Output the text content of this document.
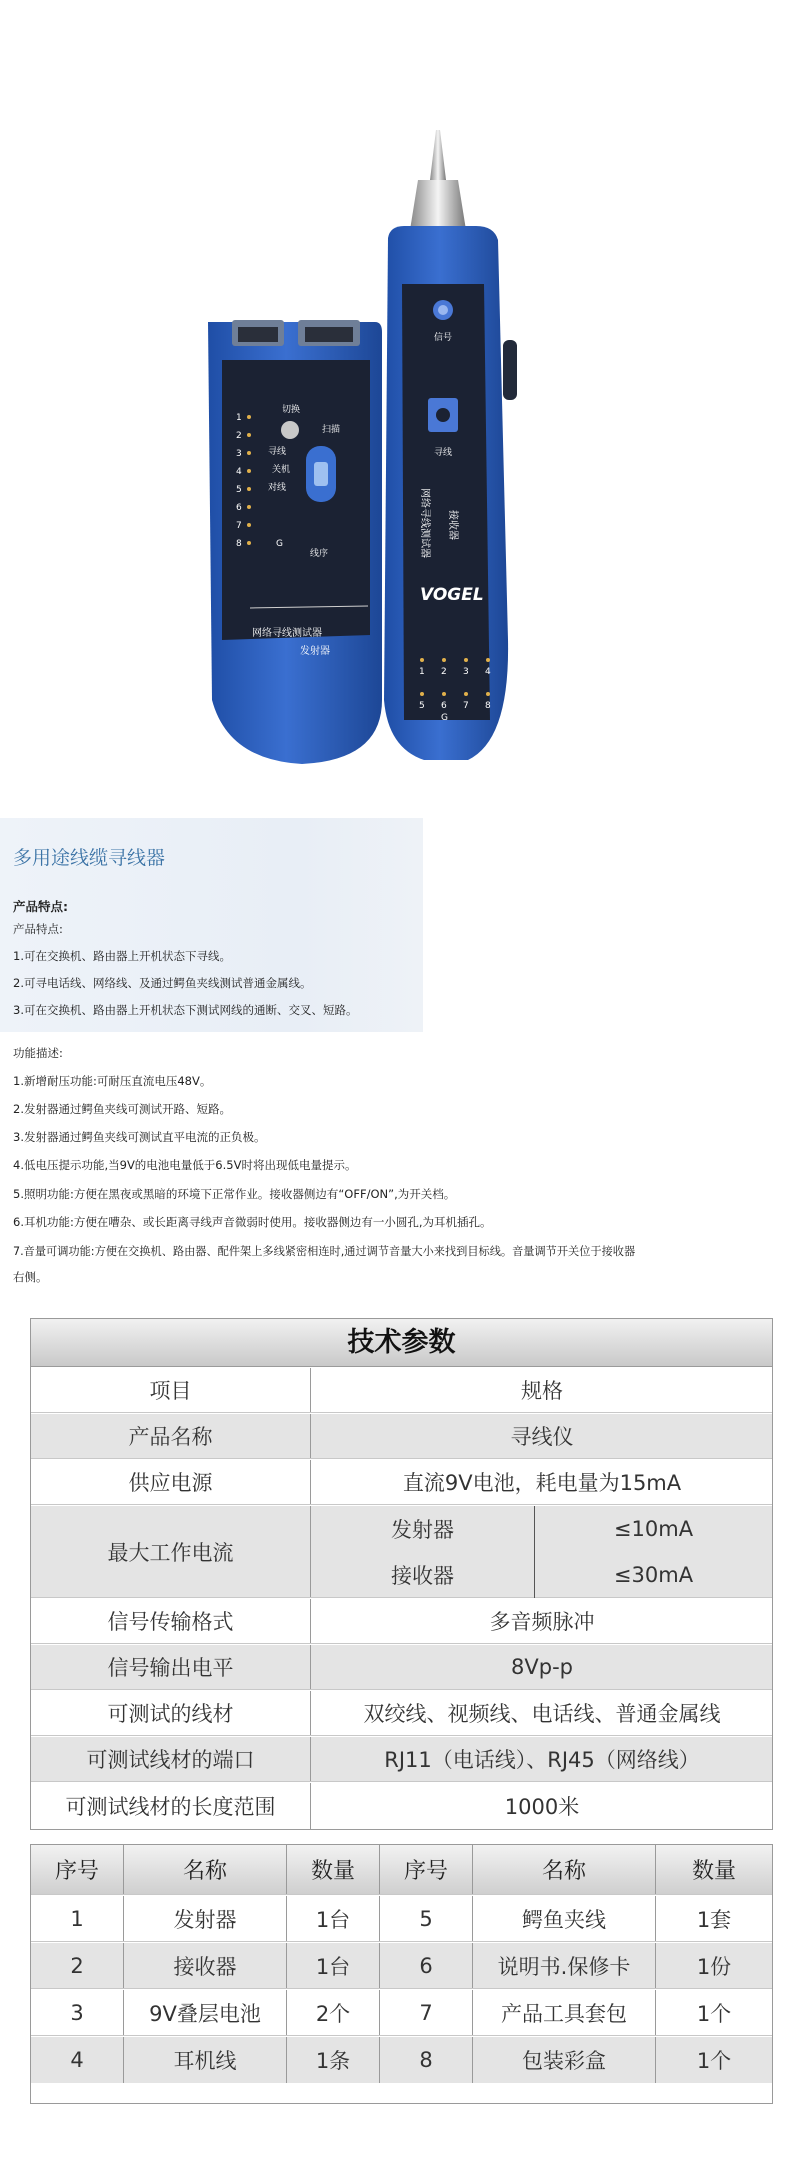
1
2
3
4
5
6
7
8	G
切换
扫描
寻线
关机
对线
线序
网络寻线测试器
发射器
信号
寻线
VOGEL
1 2 3 4
5 6 7 8
G
网络寻线测试器 接收器
多用途线缆寻线器
产品特点:
产品特点:
1.可在交换机、路由器上开机状态下寻线。
2.可寻电话线、网络线、及通过鳄鱼夹线测试普通金属线。
3.可在交换机、路由器上开机状态下测试网线的通断、交叉、短路。
功能描述:
1.新增耐压功能:可耐压直流电压48V。
2.发射器通过鳄鱼夹线可测试开路、短路。
3.发射器通过鳄鱼夹线可测试直平电流的正负极。
4.低电压提示功能,当9V的电池电量低于6.5V时将出现低电量提示。
5.照明功能:方便在黑夜或黑暗的环境下正常作业。接收器侧边有“OFF/ON”,为开关档。
6.耳机功能:方便在嘈杂、或长距离寻线声音微弱时使用。接收器侧边有一小圆孔,为耳机插孔。
7.音量可调功能:方便在交换机、路由器、配件架上多线紧密相连时,通过调节音量大小来找到目标线。音量调节开关位于接收器
右侧。
技术参数
项目	规格
产品名称	寻线仪
供应电源	直流9V电池，耗电量为15mA
最大工作电流
发射器	≤10mA
接收器	≤30mA
信号传输格式	多音频脉冲
信号输出电平	8Vp-p
可测试的线材	双绞线、视频线、电话线、普通金属线
可测试线材的端口	RJ11（电话线）、RJ45（网络线）
可测试线材的长度范围	1000米
序号	名称	数量	序号	名称	数量
1	发射器	1台	5	鳄鱼夹线	1套
2	接收器	1台	6	说明书.保修卡	1份
3	9V叠层电池	2个	7	产品工具套包	1个
4	耳机线	1条	8	包装彩盒	1个
